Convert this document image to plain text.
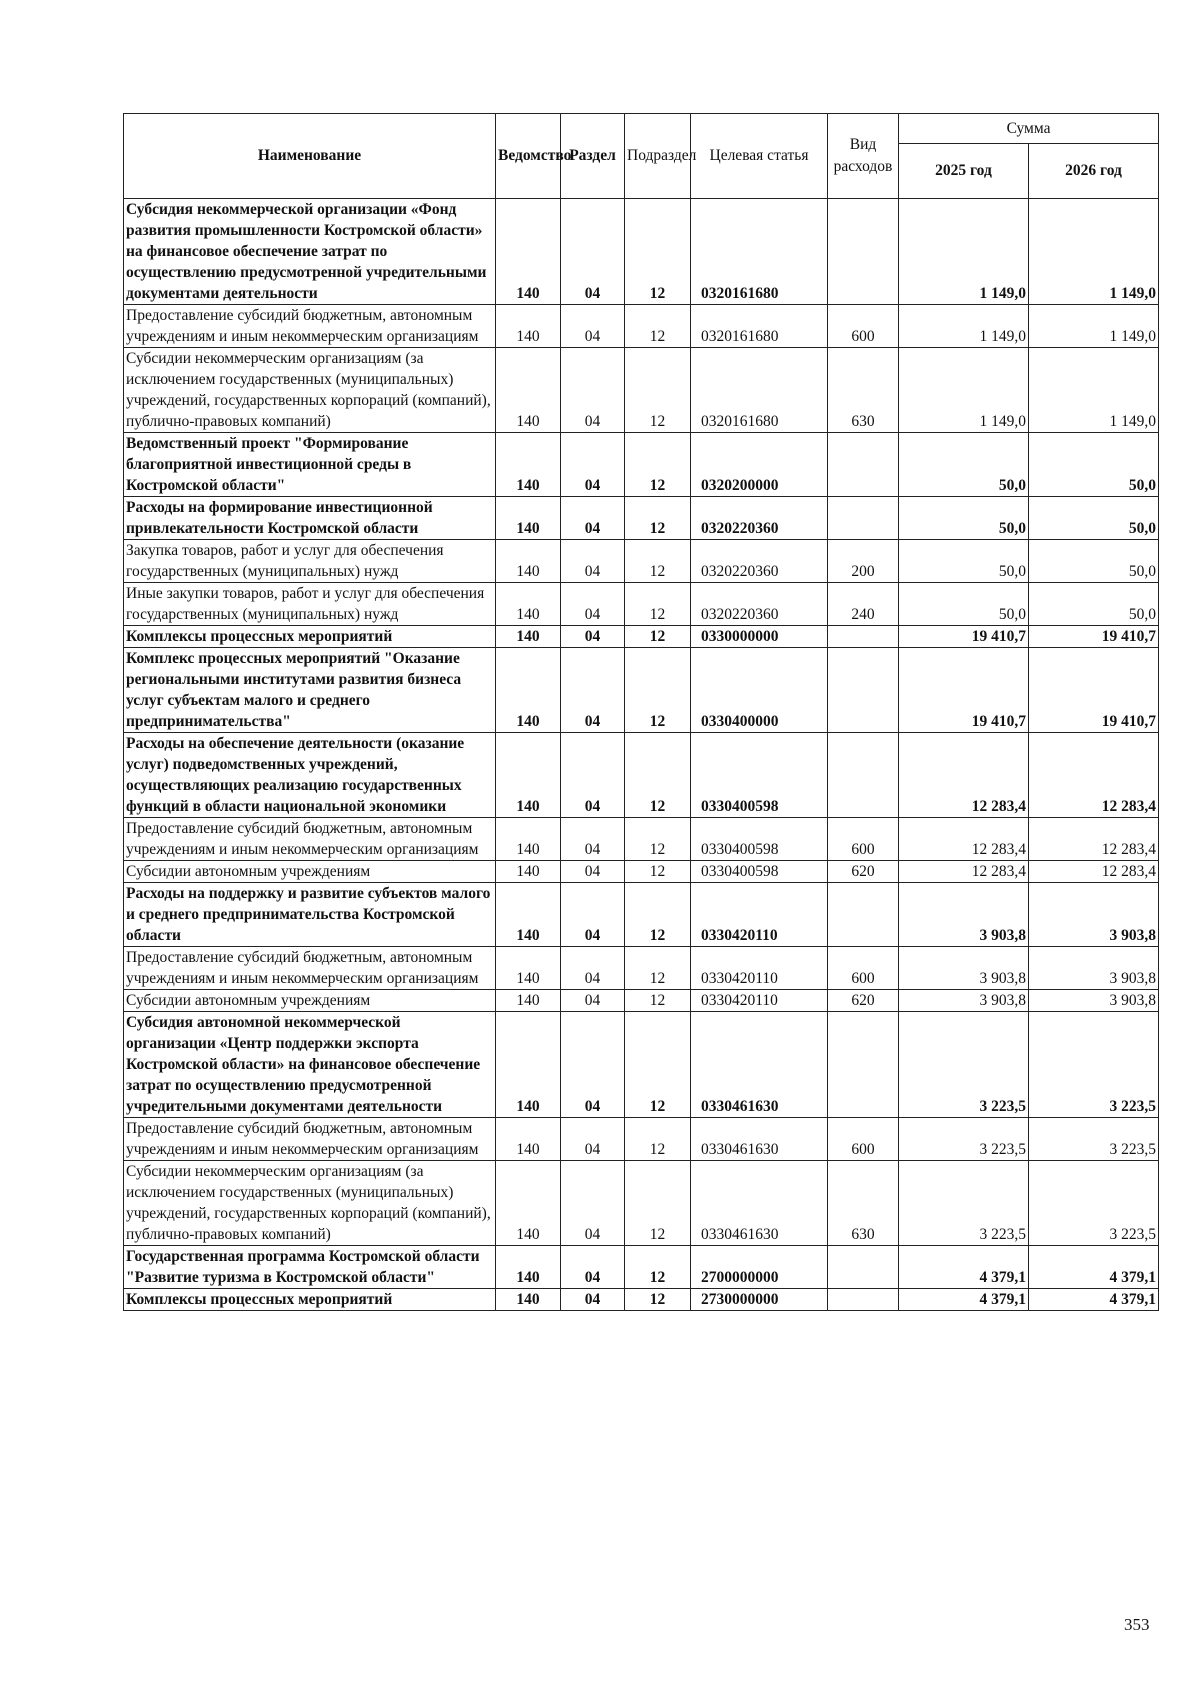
Наименование	Ведомство	Раздел	Подраздел	Целевая статья	Вид расходов	Сумма	
						2025 год	2026 год
Субсидия некоммерческой организации «Фонд развития промышленности Костромской области» на финансовое обеспечение затрат по осуществлению предусмотренной учредительными документами деятельности	140	04	12	0320161680		1 149,0	1 149,0
Предоставление субсидий бюджетным, автономным учреждениям и иным некоммерческим организациям	140	04	12	0320161680	600	1 149,0	1 149,0
Субсидии некоммерческим организациям (за исключением государственных (муниципальных) учреждений, государственных корпораций (компаний), публично-правовых компаний)	140	04	12	0320161680	630	1 149,0	1 149,0
Ведомственный проект "Формирование благоприятной инвестиционной среды в Костромской области"	140	04	12	0320200000		50,0	50,0
Расходы на формирование инвестиционной привлекательности Костромской области	140	04	12	0320220360		50,0	50,0
Закупка товаров, работ и услуг для обеспечения государственных (муниципальных) нужд	140	04	12	0320220360	200	50,0	50,0
Иные закупки товаров, работ и услуг для обеспечения государственных (муниципальных) нужд	140	04	12	0320220360	240	50,0	50,0
Комплексы процессных мероприятий	140	04	12	0330000000		19 410,7	19 410,7
Комплекс процессных мероприятий "Оказание региональными институтами развития бизнеса услуг субъектам малого и среднего предпринимательства"	140	04	12	0330400000		19 410,7	19 410,7
Расходы на обеспечение деятельности (оказание услуг) подведомственных учреждений, осуществляющих реализацию государственных функций в области национальной экономики	140	04	12	0330400598		12 283,4	12 283,4
Предоставление субсидий бюджетным, автономным учреждениям и иным некоммерческим организациям	140	04	12	0330400598	600	12 283,4	12 283,4
Субсидии автономным учреждениям	140	04	12	0330400598	620	12 283,4	12 283,4
Расходы на поддержку и развитие субъектов малого и среднего предпринимательства Костромской области	140	04	12	0330420110		3 903,8	3 903,8
Предоставление субсидий бюджетным, автономным учреждениям и иным некоммерческим организациям	140	04	12	0330420110	600	3 903,8	3 903,8
Субсидии автономным учреждениям	140	04	12	0330420110	620	3 903,8	3 903,8
Субсидия автономной некоммерческой организации «Центр поддержки экспорта Костромской области» на финансовое обеспечение затрат по осуществлению предусмотренной учредительными документами деятельности	140	04	12	0330461630		3 223,5	3 223,5
Предоставление субсидий бюджетным, автономным учреждениям и иным некоммерческим организациям	140	04	12	0330461630	600	3 223,5	3 223,5
Субсидии некоммерческим организациям (за исключением государственных (муниципальных) учреждений, государственных корпораций (компаний), публично-правовых компаний)	140	04	12	0330461630	630	3 223,5	3 223,5
Государственная программа Костромской области "Развитие туризма в Костромской области"	140	04	12	2700000000		4 379,1	4 379,1
Комплексы процессных мероприятий	140	04	12	2730000000		4 379,1	4 379,1
353
